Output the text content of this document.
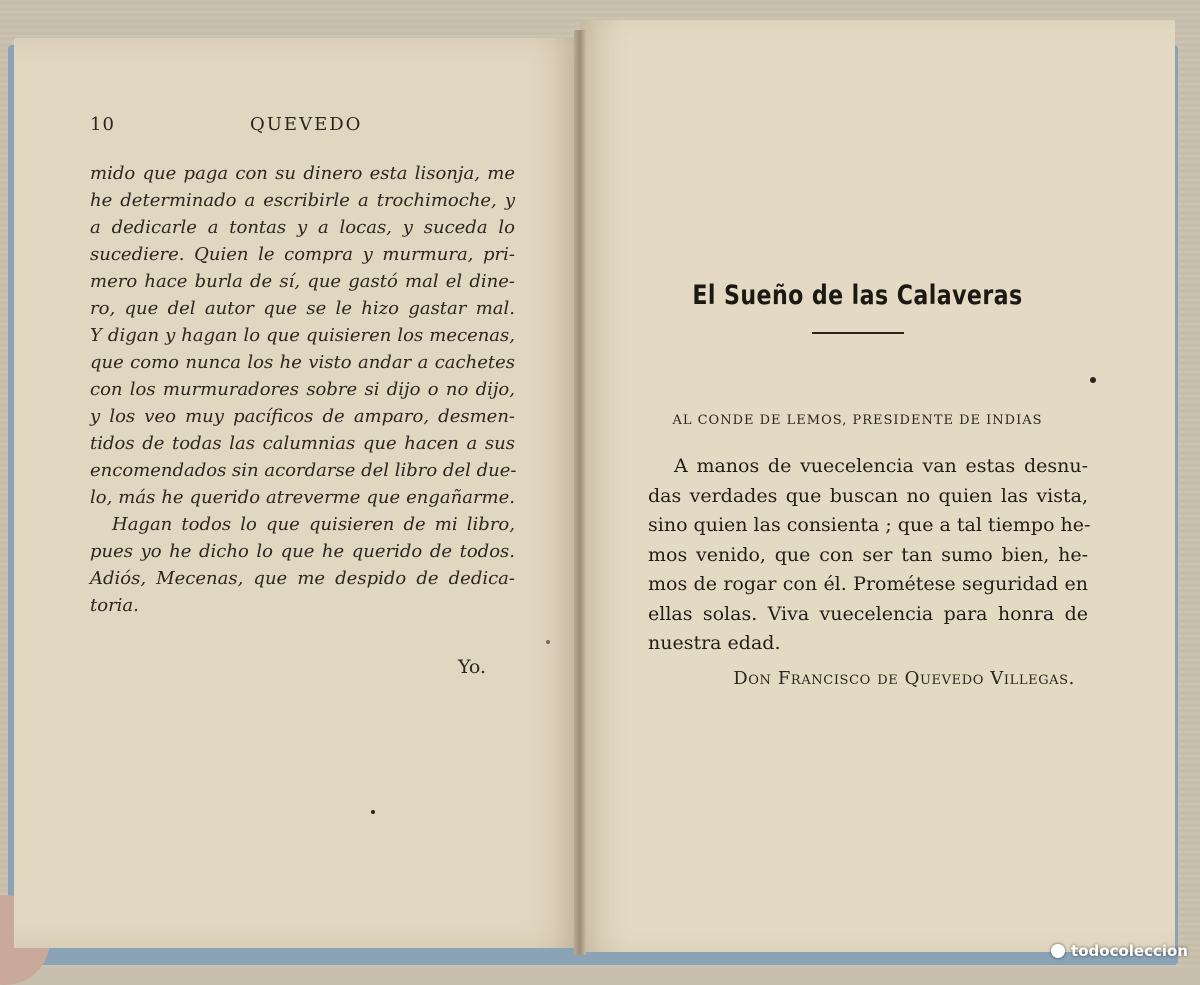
10	QUEVEDO
mido que paga con su dinero esta lisonja, me
he determinado a escribirle a trochimoche, y
a dedicarle a tontas y a locas, y suceda lo
sucediere. Quien le compra y murmura, pri-
mero hace burla de sí, que gastó mal el dine-
ro, que del autor que se le hizo gastar mal.
Y digan y hagan lo que quisieren los mecenas,
que como nunca los he visto andar a cachetes
con los murmuradores sobre si dijo o no dijo,
y los veo muy pacíficos de amparo, desmen-
tidos de todas las calumnias que hacen a sus
encomendados sin acordarse del libro del due-
lo, más he querido atreverme que engañarme.
Hagan todos lo que quisieren de mi libro,
pues yo he dicho lo que he querido de todos.
Adiós, Mecenas, que me despido de dedica-
toria.
Yo.
El Sueño de las Calaveras
AL CONDE DE LEMOS, PRESIDENTE DE INDIAS
A manos de vuecelencia van estas desnu-
das verdades que buscan no quien las vista,
sino quien las consienta ; que a tal tiempo he-
mos venido, que con ser tan sumo bien, he-
mos de rogar con él. Prométese seguridad en
ellas solas. Viva vuecelencia para honra de
nuestra edad.
Don Francisco de Quevedo Villegas.
todocoleccion
